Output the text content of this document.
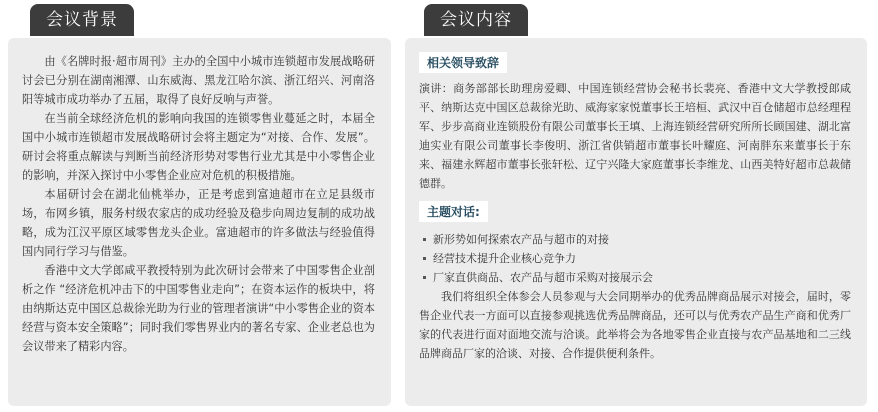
会议背景	会议内容

由《名牌时报·超市周刊》主办的全国中小城市连锁超市发展战略研讨会已分别在湖南湘潭、山东威海、黑龙江哈尔滨、浙江绍兴、河南洛阳等城市成功举办了五届，取得了良好反响与声誉。

在当前全球经济危机的影响向我国的连锁零售业蔓延之时，本届全国中小城市连锁超市发展战略研讨会将主题定为“对接、合作、发展”。研讨会将重点解读与判断当前经济形势对零售行业尤其是中小零售企业的影响，并深入探讨中小零售企业应对危机的积极措施。

本届研讨会在湖北仙桃举办，正是考虑到富迪超市在立足县级市场，布网乡镇，服务村级农家店的成功经验及稳步向周边复制的成功战略，成为江汉平原区域零售龙头企业。富迪超市的许多做法与经验值得国内同行学习与借鉴。

香港中文大学郎咸平教授特别为此次研讨会带来了中国零售企业剖析之作 “经济危机冲击下的中国零售业走向”；在资本运作的板块中，将由纳斯达克中国区总裁徐光助为行业的管理者演讲“中小零售企业的资本经营与资本安全策略”；同时我们零售界业内的著名专家、企业老总也为会议带来了精彩内容。

相关领导致辞

演讲：商务部部长助理房爱卿、中国连锁经营协会秘书长裴亮、香港中文大学教授郎咸平、纳斯达克中国区总裁徐光助、威海家家悦董事长王培桓、武汉中百仓储超市总经理程军、步步高商业连锁股份有限公司董事长王填、上海连锁经营研究所所长顾国建、湖北富迪实业有限公司董事长李俊明、浙江省供销超市董事长叶耀庭、河南胖东来董事长于东来、福建永辉超市董事长张轩松、辽宁兴隆大家庭董事长李维龙、山西美特好超市总裁储德群。

主题对话:
新形势如何探索农产品与超市的对接
经营技术提升企业核心竞争力
厂家直供商品、农产品与超市采购对接展示会

我们将组织全体参会人员参观与大会同期举办的优秀品牌商品展示对接会，届时，零售企业代表一方面可以直接参观挑选优秀品牌商品，还可以与优秀农产品生产商和优秀厂家的代表进行面对面地交流与洽谈。此举将会为各地零售企业直接与农产品基地和二三线品牌商品厂家的洽谈、对接、合作提供便利条件。
